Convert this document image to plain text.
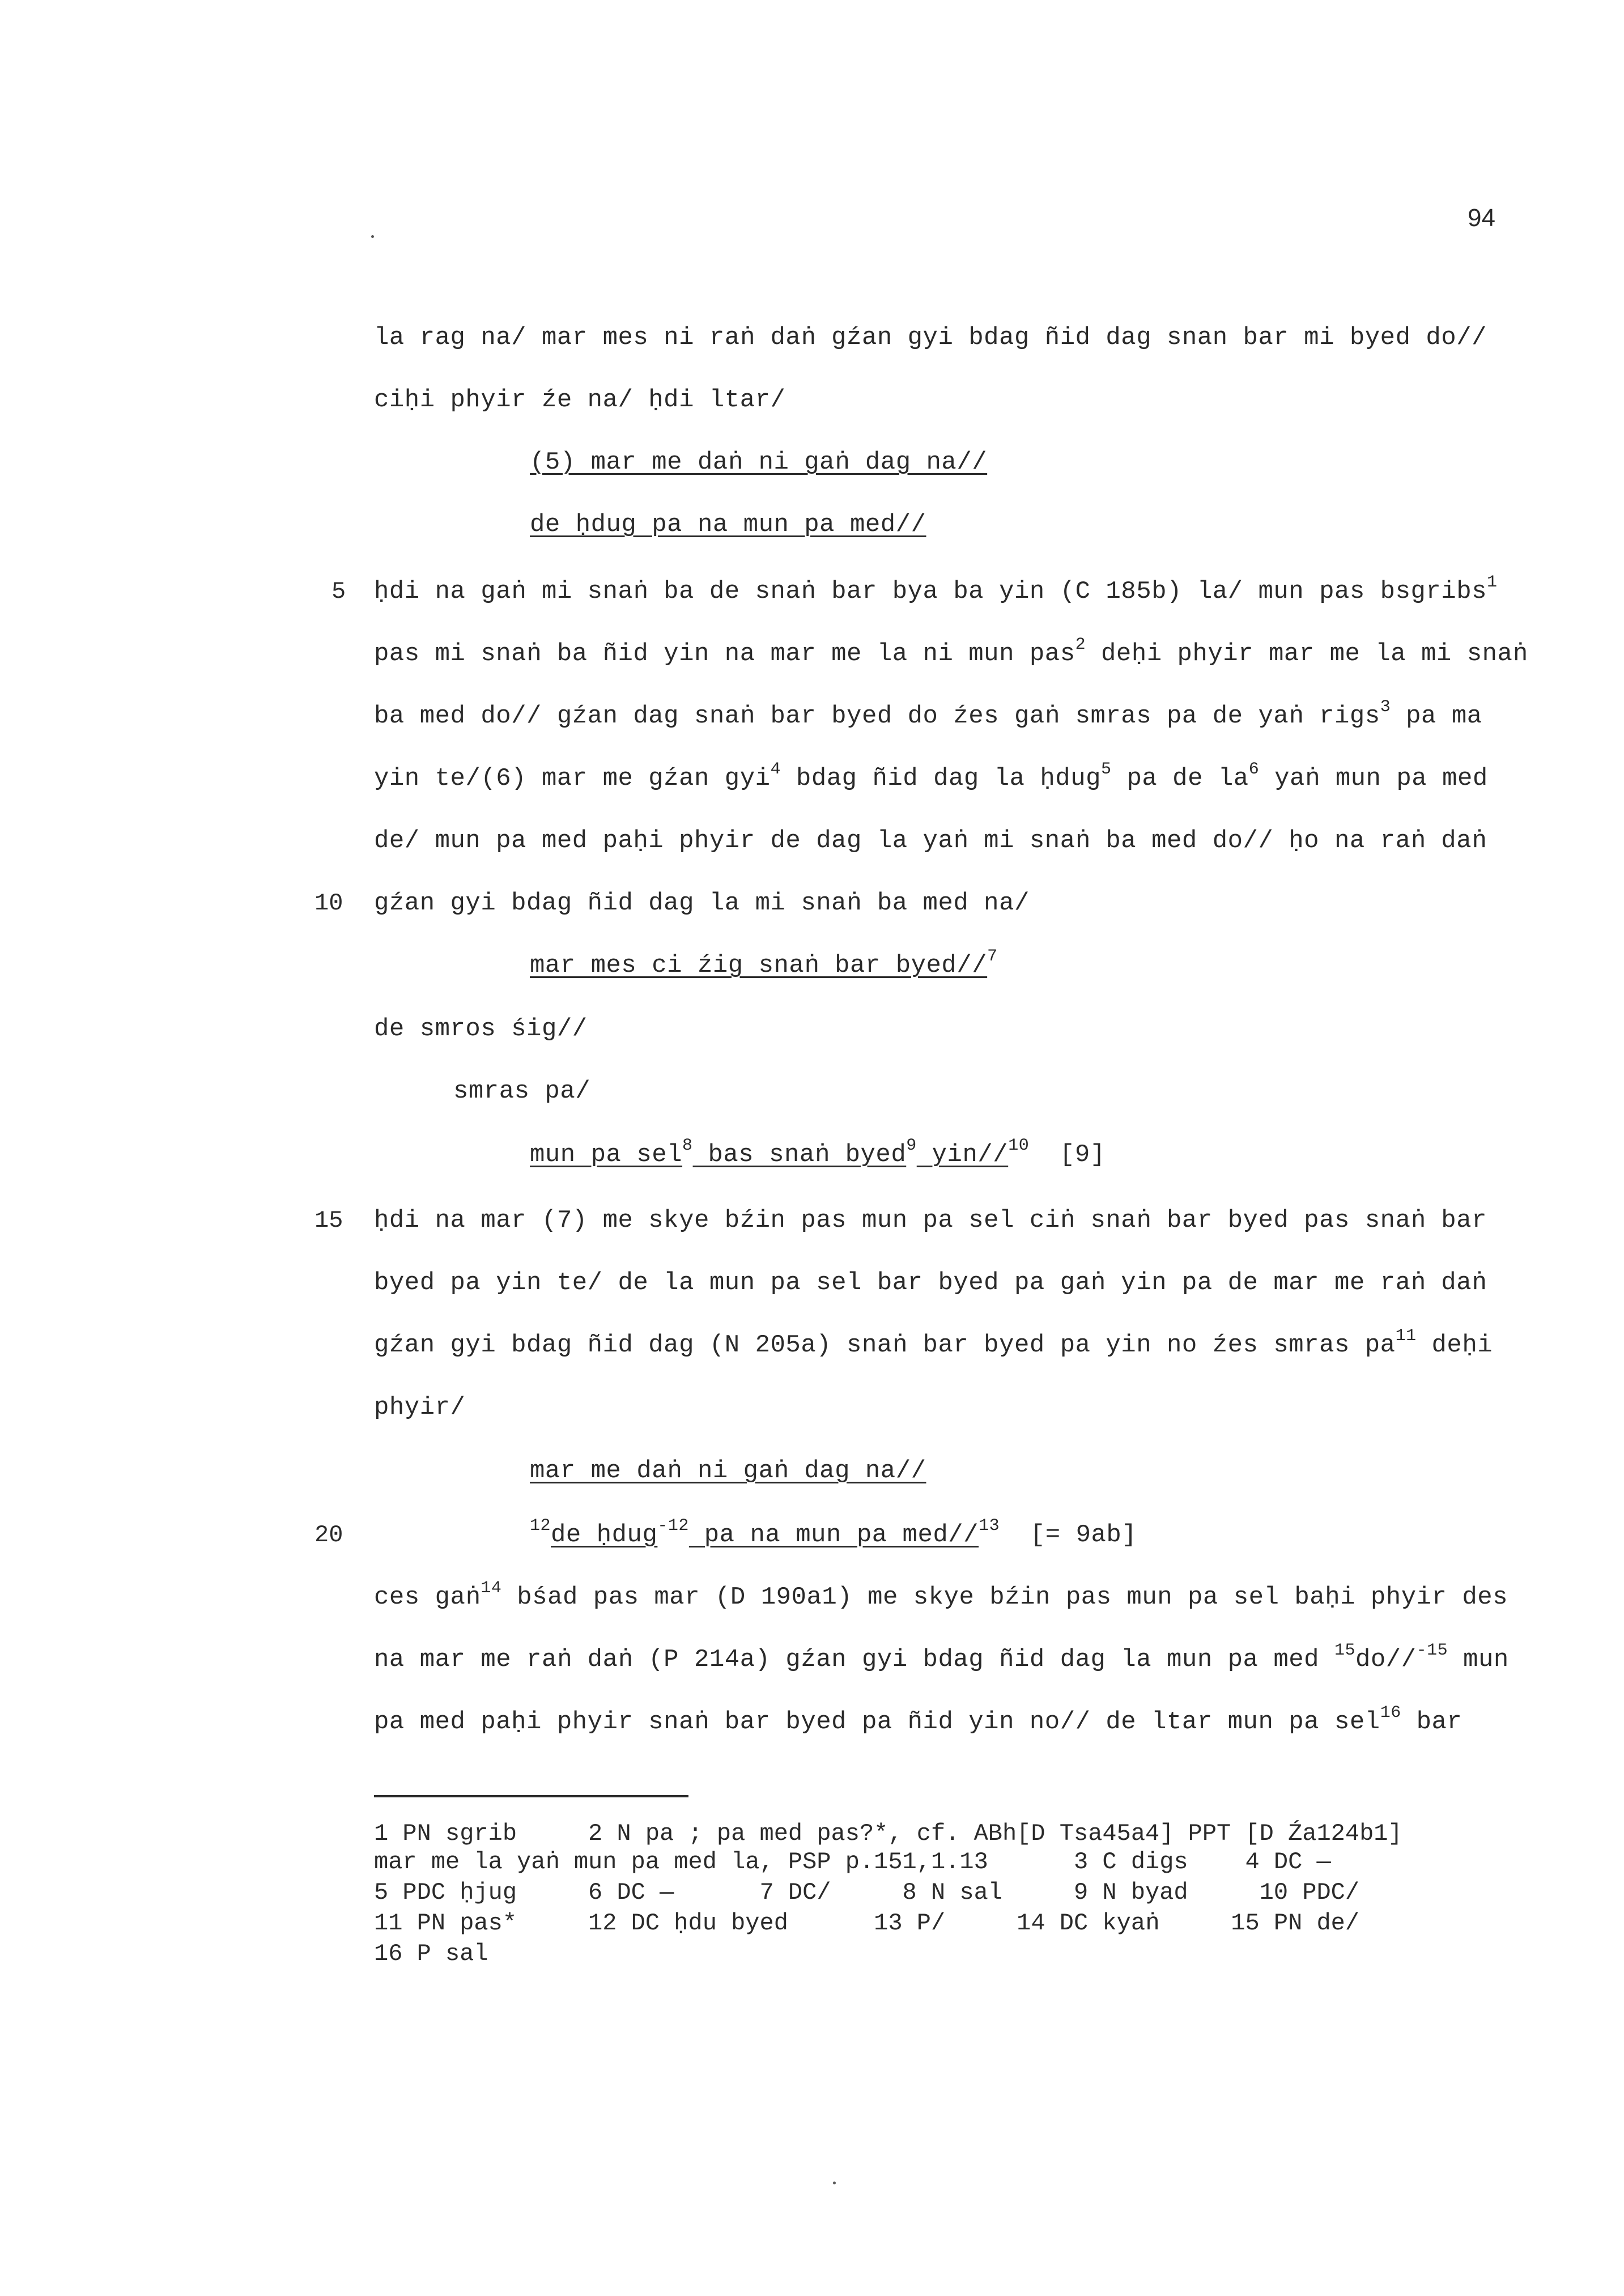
94
5
10
15
20
la rag na/ mar mes ni raṅ daṅ gźan gyi bdag ñid dag snan bar mi byed do//
ciḥi phyir źe na/ ḥdi ltar/
(5) mar me daṅ ni gaṅ dag na//
de ḥdug pa na mun pa med//
ḥdi na gaṅ mi snaṅ ba de snaṅ bar bya ba yin (C 185b) la/ mun pas bsgribs$^1$
pas mi snaṅ ba ñid yin na mar me la ni mun pas$^2$ deḥi phyir mar me la mi snaṅ
ba med do// gźan dag snaṅ bar byed do źes gaṅ smras pa de yaṅ rigs$^3$ pa ma
yin te/(6) mar me gźan gyi$^4$ bdag ñid dag la ḥdug$^5$ pa de $la^6$ yaṅ mun pa med
de/ mun pa med paḥi phyir de dag la yaṅ mi snaṅ ba med do// ḥo na raṅ daṅ
gźan gyi bdag ñid dag la mi snaṅ ba med na/
mar mes ci źig snaṅ bar byed//$^7$
de smros śig//
smras pa/
mun pa sel$^8$ bas snaṅ byed$^9$ yin//$^{10}$  [9]
ḥdi na mar (7) me skye bźin pas mun pa sel ciṅ snaṅ bar byed pas snaṅ bar
byed pa yin te/ de la mun pa sel bar byed pa gaṅ yin pa de mar me raṅ daṅ
gźan gyi bdag ñid dag (N 205a) snaṅ bar byed pa yin no źes smras $pa^{11}$ deḥi
phyir/
mar me daṅ ni gaṅ dag na//
$^{12}$de ḥdug$^{-12}$ pa na mun pa med//$^{13}$  [= 9ab]
ces gaṅ$^{14}$ bśad pas mar (D 190a1) me skye bźin pas mun pa sel baḥi phyir des
na mar me raṅ daṅ (P 214a) gźan gyi bdag ñid dag la mun pa med $^{15}$do//$^{-15}$ mun
pa med paḥi phyir snaṅ bar byed pa ñid yin no// de ltar mun pa sel$^{16}$ bar
1 PN sgrib     2 N pa ; pa med pas?*, cf. ABh[D Tsa45a4] PPT [D Źa124b1]
mar me la yaṅ mun pa med la, PSP p.151,1.13      3 C digs    4 DC —
5 PDC ḥjug     6 DC —      7 DC/     8 N sal     9 N byad     10 PDC/
11 PN pas*     12 DC ḥdu byed      13 P/     14 DC kyaṅ     15 PN de/
16 P sal
